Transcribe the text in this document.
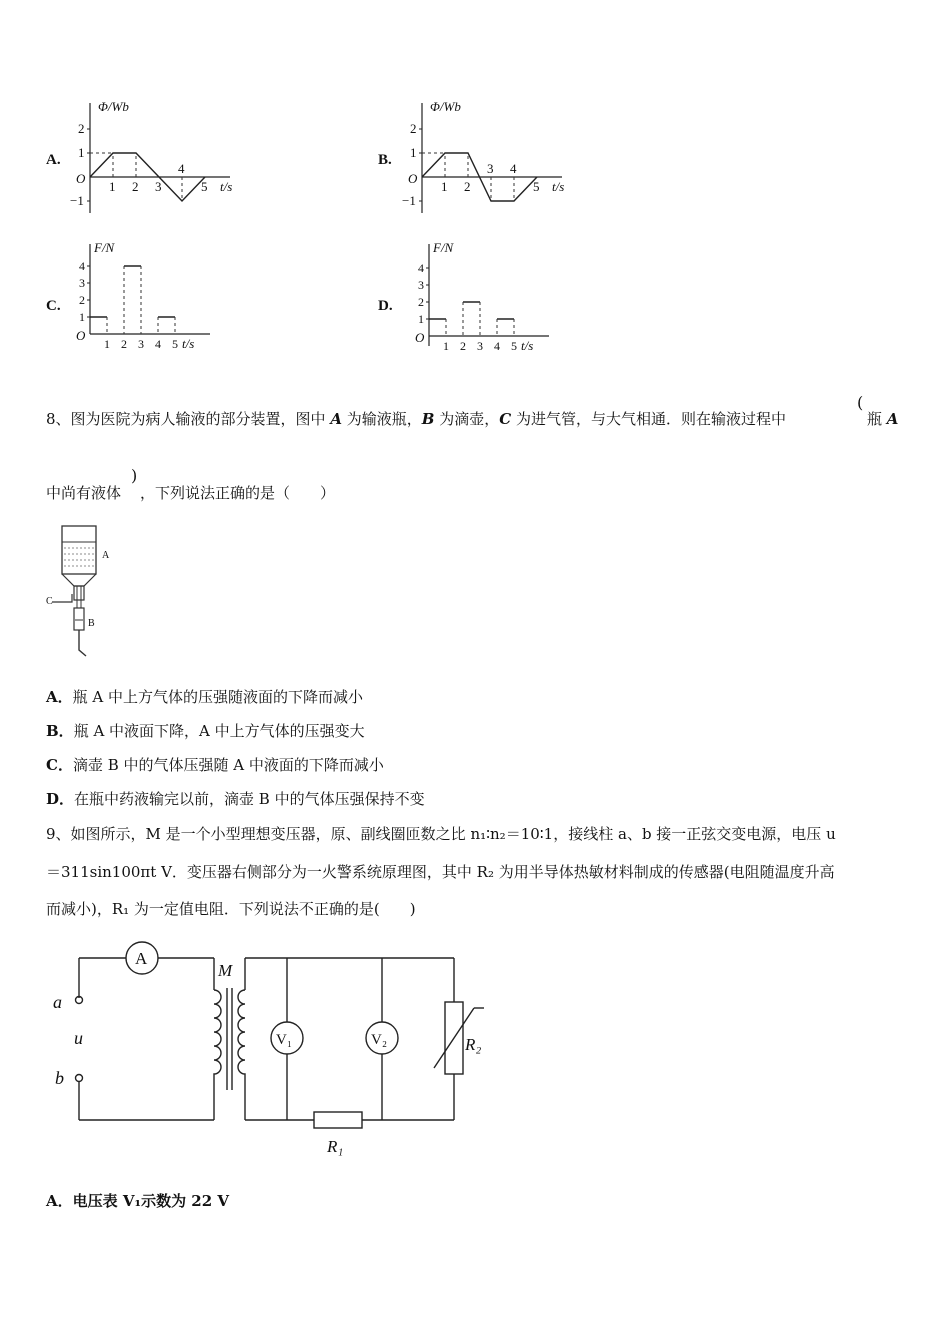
A.
Φ/Wb
t/s
O
2
1
−1
1 2 3
4
5
B.
Φ/Wb
t/s
O
2
1
−1
1 2
3 4
5
C.
F/N
t/s
O
1
2
3
4
1 2 3 4 5
D.
F/N
t/s
O
1
2
3
4
1 2 3 4 5
8、图为医院为病人输液的部分装置，图中 A 为输液瓶，B 为滴壶，C 为进气管，与大气相通．则在输液过程中
(
瓶 A
中尚有液体
)
，下列说法正确的是（　　）
A
C
B
A．瓶 A 中上方气体的压强随液面的下降而减小
B．瓶 A 中液面下降，A 中上方气体的压强变大
C．滴壶 B 中的气体压强随 A 中液面的下降而减小
D．在瓶中药液输完以前，滴壶 B 中的气体压强保持不变
9、如图所示，M 是一个小型理想变压器，原、副线圈匝数之比 n₁∶n₂＝10∶1，接线柱 a、b 接一正弦交变电源，电压 u
＝311sin100πt V．变压器右侧部分为一火警系统原理图，其中 R₂ 为用半导体热敏材料制成的传感器(电阻随温度升高
而减小)，R₁ 为一定值电阻．下列说法不正确的是(　　)
A
M
a
u
b
V₁	V₂
R₁
R₂
A．电压表 V₁示数为 22 V
